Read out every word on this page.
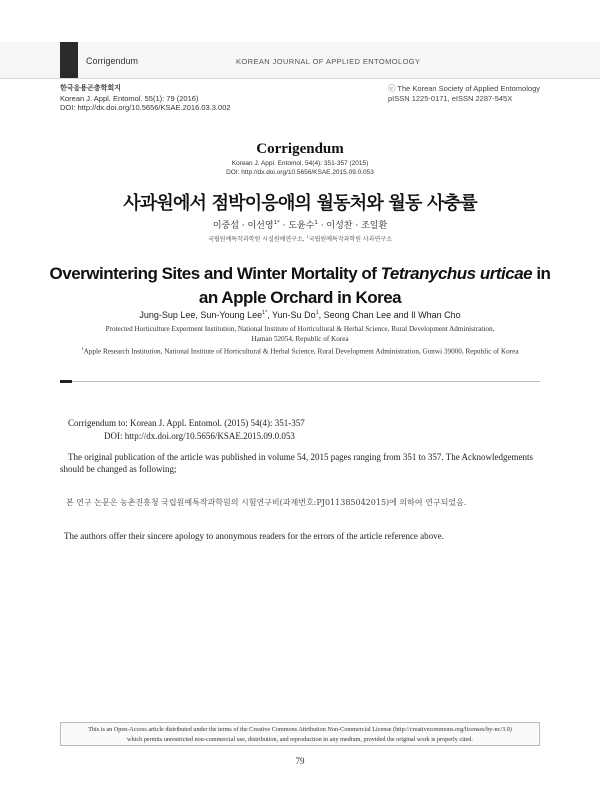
Corrigendum	KOREAN JOURNAL OF APPLIED ENTOMOLOGY
한국응용곤충학회지
Korean J. Appl. Entomol. 55(1): 79 (2016)
DOI: http://dx.doi.org/10.5656/KSAE.2016.03.3.002
ⓒ The Korean Society of Applied Entomology
pISSN 1225-0171, eISSN 2287-545X
Corrigendum
Korean J. Appl. Entomol. 54(4): 351-357 (2015)
DOI: http://dx.doi.org/10.5656/KSAE.2015.09.0.053
사과원에서 점박이응애의 월동처와 월동 사충률
이중섭 · 이선영$^{1*}$ · 도윤수$^1$ · 이성찬 · 조일환
국립원예특작과학원 시설원예연구소, $^1$국립원예특작과학원 사과연구소
Overwintering Sites and Winter Mortality of Tetranychus urticae in an Apple Orchard in Korea
Jung-Sup Lee, Sun-Young Lee$^{1*}$, Yun-Su Do$^1$, Seong Chan Lee and Il Whan Cho
Protected Horticulture Experment Institution, National Institute of Horticultural & Herbal Science, Rural Development Administration,
Haman 52054, Republic of Korea
$^1$Apple Research Institution, National Institute of Horticultural & Herbal Science, Rural Development Administration, Gunwi 39000, Republic of Korea
Corrigendum to: Korean J. Appl. Entomol. (2015) 54(4): 351-357
DOI: http://dx.doi.org/10.5656/KSAE.2015.09.0.053
The original publication of the article was published in volume 54, 2015 pages ranging from 351 to 357. The Acknowledgements should be changed as following;
본 연구 논문은 농촌진흥청 국립원예특작과학원의 시험연구비(과제번호:PJ011385042015)에 의하여 연구되었음.
The authors offer their sincere apology to anonymous readers for the errors of the article reference above.
This is an Open-Access article distributed under the terms of the Creative Commons Attribution Non-Commercial License (http://creativecommons.org/licenses/by-nc/3.0)
which permits unrestricted non-commercial use, distribution, and reproduction in any medium, provided the original work is properly cited.
79
